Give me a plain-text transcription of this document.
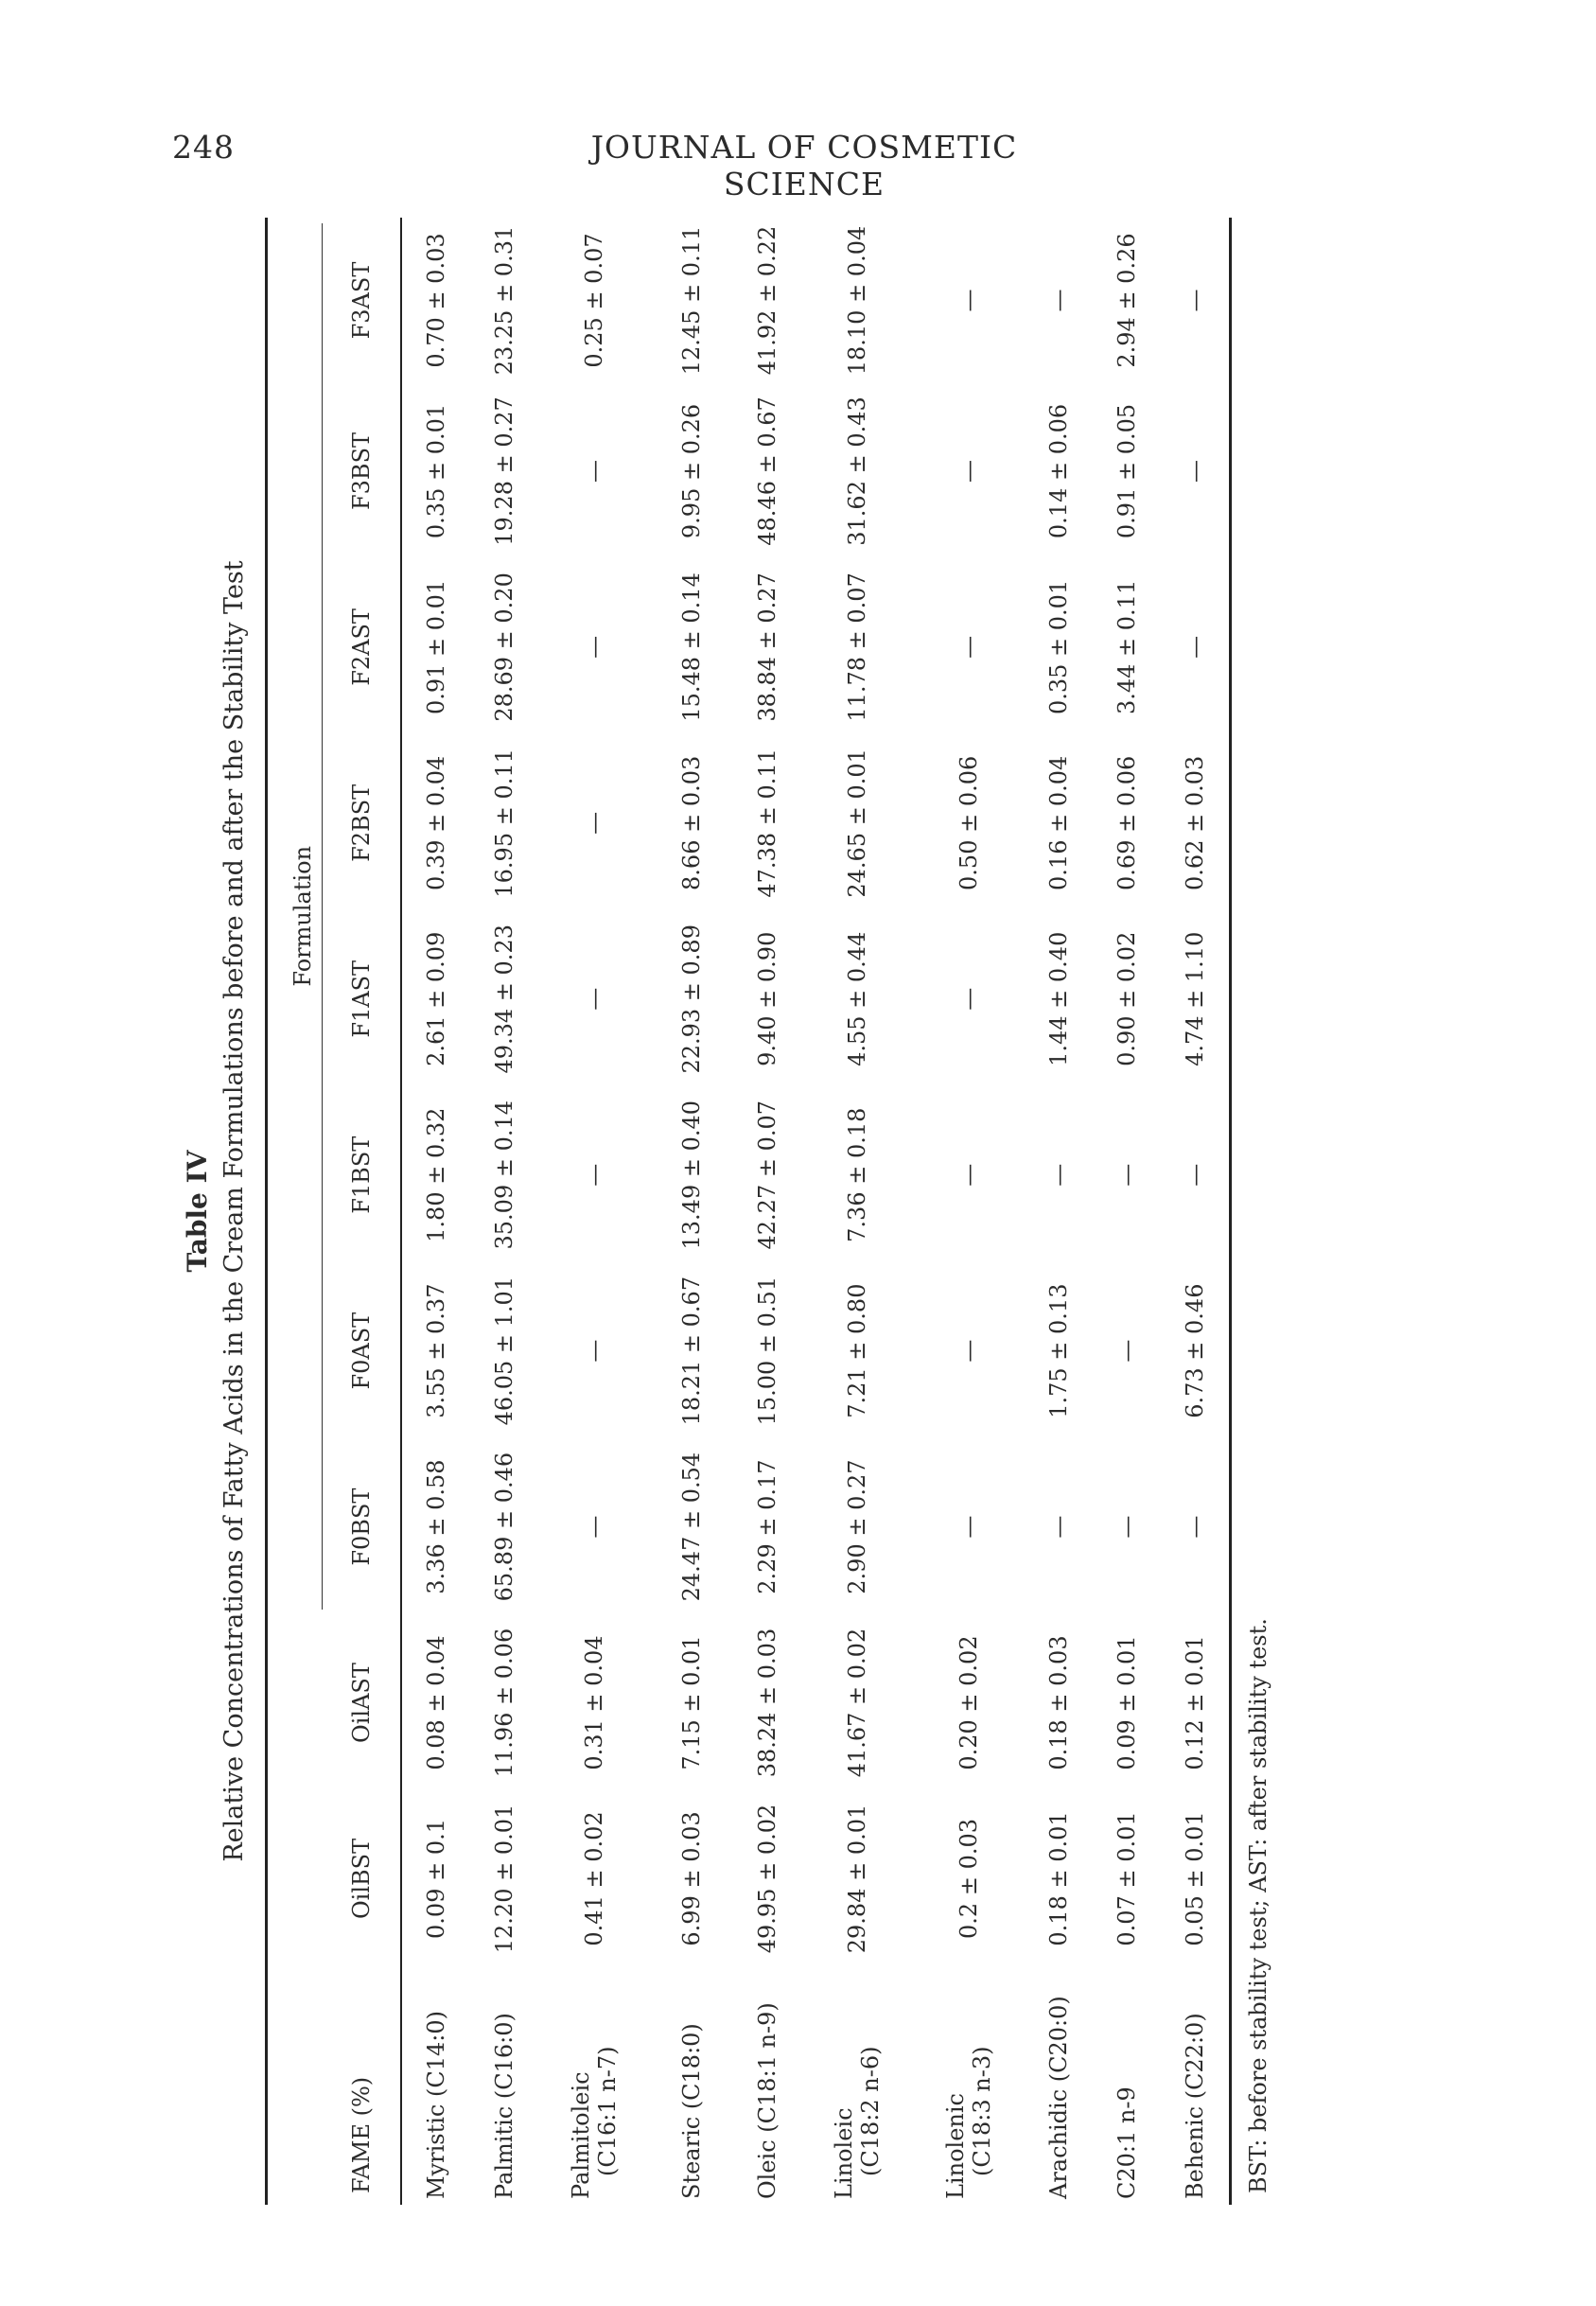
248	JOURNAL OF COSMETIC SCIENCE

Table IV Relative Concentrations of Fatty Acids in the Cream Formulations before and after the Stability Test

			Formulation							

FAME (%)	OilBST	OilAST	F0BST	F0AST	F1BST	F1AST	F2BST	F2AST	F3BST	F3AST
Myristic (C14:0)	0.09 ± 0.1	0.08 ± 0.04	3.36 ± 0.58	3.55 ± 0.37	1.80 ± 0.32	2.61 ± 0.09	0.39 ± 0.04	0.91 ± 0.01	0.35 ± 0.01	0.70 ± 0.03
Palmitic (C16:0)	12.20 ± 0.01	11.96 ± 0.06	65.89 ± 0.46	46.05 ± 1.01	35.09 ± 0.14	49.34 ± 0.23	16.95 ± 0.11	28.69 ± 0.20	19.28 ± 0.27	23.25 ± 0.31

Palmitoleic (C16:1 n-7)	0.41 ± 0.02	0.31 ± 0.04	—	—	—	—	—	—	—	0.25 ± 0.07
Stearic (C18:0)	6.99 ± 0.03	7.15 ± 0.01	24.47 ± 0.54	18.21 ± 0.67	13.49 ± 0.40	22.93 ± 0.89	8.66 ± 0.03	15.48 ± 0.14	9.95 ± 0.26	12.45 ± 0.11
Oleic (C18:1 n-9)	49.95 ± 0.02	38.24 ± 0.03	2.29 ± 0.17	15.00 ± 0.51	42.27 ± 0.07	9.40 ± 0.90	47.38 ± 0.11	38.84 ± 0.27	48.46 ± 0.67	41.92 ± 0.22

Linoleic (C18:2 n-6)	29.84 ± 0.01	41.67 ± 0.02	2.90 ± 0.27	7.21 ± 0.80	7.36 ± 0.18	4.55 ± 0.44	24.65 ± 0.01	11.78 ± 0.07	31.62 ± 0.43	18.10 ± 0.04

Linolenic (C18:3 n-3)	0.2 ± 0.03	0.20 ± 0.02	—	—	—	—	0.50 ± 0.06	—	—	—
Arachidic (C20:0)	0.18 ± 0.01	0.18 ± 0.03	—	1.75 ± 0.13	—	1.44 ± 0.40	0.16 ± 0.04	0.35 ± 0.01	0.14 ± 0.06	—
C20:1 n-9	0.07 ± 0.01	0.09 ± 0.01	—	—	—	0.90 ± 0.02	0.69 ± 0.06	3.44 ± 0.11	0.91 ± 0.05	2.94 ± 0.26
Behenic (C22:0)	0.05 ± 0.01	0.12 ± 0.01	—	6.73 ± 0.46	—	4.74 ± 1.10	0.62 ± 0.03	—	—	—
BST: before stability test; AST: after stability test.
